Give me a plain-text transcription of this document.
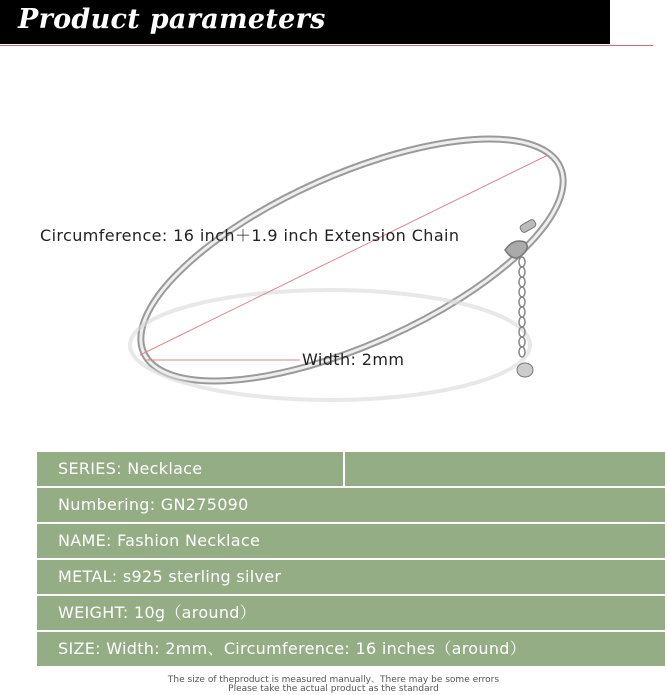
Product parameters
Circumference: 16 inch＋1.9 inch Extension Chain
Width: 2mm
SERIES: Necklace
Numbering: GN275090
NAME: Fashion Necklace
METAL: s925 sterling silver
WEIGHT: 10g（around）
SIZE: Width: 2mm、Circumference: 16 inches（around）
The size of theproduct is measured manually、There may be some errors
Please take the actual product as the standard
